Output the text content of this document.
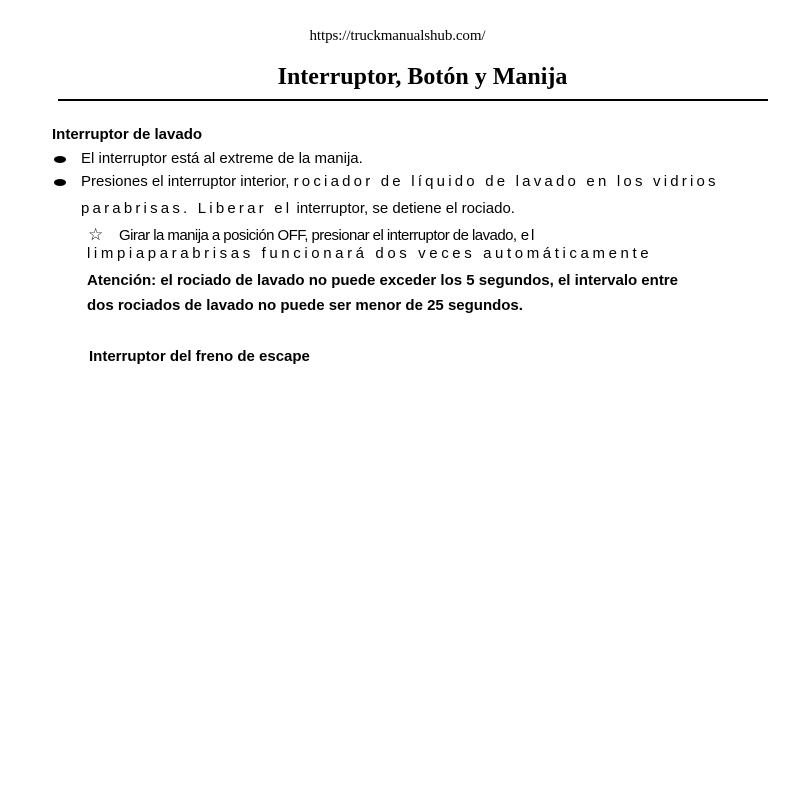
https://truckmanualshub.com/
Interruptor, Botón y Manija
Interruptor de lavado
El interruptor está al extreme de la manija.
Presiones el interruptor interior, rociador de líquido de lavado en los vidrios
parabrisas. Liberar el interruptor, se detiene el rociado.
☆ Girar la manija a posición OFF, presionar el interruptor de lavado, el
limpiaparabrisas funcionará dos veces automáticamente
Atención: el rociado de lavado no puede exceder los 5 segundos, el intervalo entre
dos rociados de lavado no puede ser menor de 25 segundos.
Interruptor del freno de escape
